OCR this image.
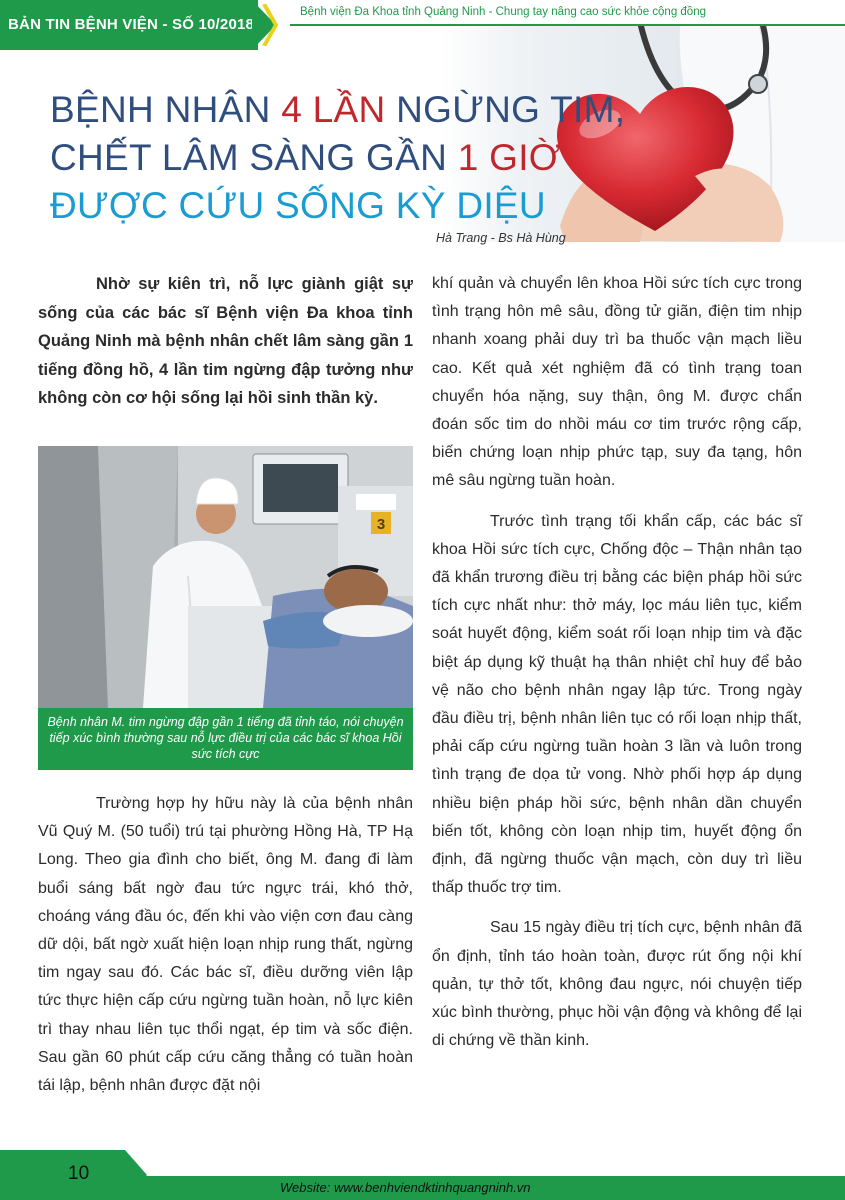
BẢN TIN BỆNH VIỆN - SỐ 10/2018
Bệnh viện Đa Khoa tỉnh Quảng Ninh - Chung tay nâng cao sức khỏe cộng đồng
BỆNH NHÂN 4 LẦN NGỪNG TIM,
CHẾT LÂM SÀNG GẦN 1 GIỜ
ĐƯỢC CỨU SỐNG KỲ DIỆU
Hà Trang - Bs Hà Hùng

Nhờ sự kiên trì, nỗ lực giành giật sự sống của các bác sĩ Bệnh viện Đa khoa tỉnh Quảng Ninh mà bệnh nhân chết lâm sàng gần 1 tiếng đồng hồ, 4 lần tim ngừng đập tưởng như không còn cơ hội sống lại hồi sinh thần kỳ.

3
Bệnh nhân M. tim ngừng đập gần 1 tiếng đã tỉnh táo, nói chuyện tiếp xúc bình thường sau nỗ lực điều trị của các bác sĩ khoa Hồi sức tích cực

Trường hợp hy hữu này là của bệnh nhân Vũ Quý M. (50 tuổi) trú tại phường Hồng Hà, TP Hạ Long. Theo gia đình cho biết, ông M. đang đi làm buổi sáng bất ngờ đau tức ngực trái, khó thở, choáng váng đầu óc, đến khi vào viện cơn đau càng dữ dội, bất ngờ xuất hiện loạn nhịp rung thất, ngừng tim ngay sau đó. Các bác sĩ, điều dưỡng viên lập tức thực hiện cấp cứu ngừng tuần hoàn, nỗ lực kiên trì thay nhau liên tục thổi ngạt, ép tim và sốc điện. Sau gần 60 phút cấp cứu căng thẳng có tuần hoàn tái lập, bệnh nhân được đặt nội

khí quản và chuyển lên khoa Hồi sức tích cực trong tình trạng hôn mê sâu, đồng tử giãn, điện tim nhịp nhanh xoang phải duy trì ba thuốc vận mạch liều cao. Kết quả xét nghiệm đã có tình trạng toan chuyển hóa nặng, suy thận, ông M. được chẩn đoán sốc tim do nhồi máu cơ tim trước rộng cấp, biến chứng loạn nhịp phức tạp, suy đa tạng, hôn mê sâu ngừng tuần hoàn.

Trước tình trạng tối khẩn cấp, các bác sĩ khoa Hồi sức tích cực, Chống độc – Thận nhân tạo đã khẩn trương điều trị bằng các biện pháp hồi sức tích cực nhất như: thở máy, lọc máu liên tục, kiểm soát huyết động, kiểm soát rối loạn nhịp tim và đặc biệt áp dụng kỹ thuật hạ thân nhiệt chỉ huy để bảo vệ não cho bệnh nhân ngay lập tức. Trong ngày đầu điều trị, bệnh nhân liên tục có rối loạn nhịp thất, phải cấp cứu ngừng tuần hoàn 3 lần và luôn trong tình trạng đe dọa tử vong. Nhờ phối hợp áp dụng nhiều biện pháp hồi sức, bệnh nhân dần chuyển biến tốt, không còn loạn nhịp tim, huyết động ổn định, đã ngừng thuốc vận mạch, còn duy trì liều thấp thuốc trợ tim.

Sau 15 ngày điều trị tích cực, bệnh nhân đã ổn định, tỉnh táo hoàn toàn, được rút ống nội khí quản, tự thở tốt, không đau ngực, nói chuyện tiếp xúc bình thường, phục hồi vận động và không để lại di chứng về thần kinh.

10
Website: www.benhviendktinhquangninh.vn
